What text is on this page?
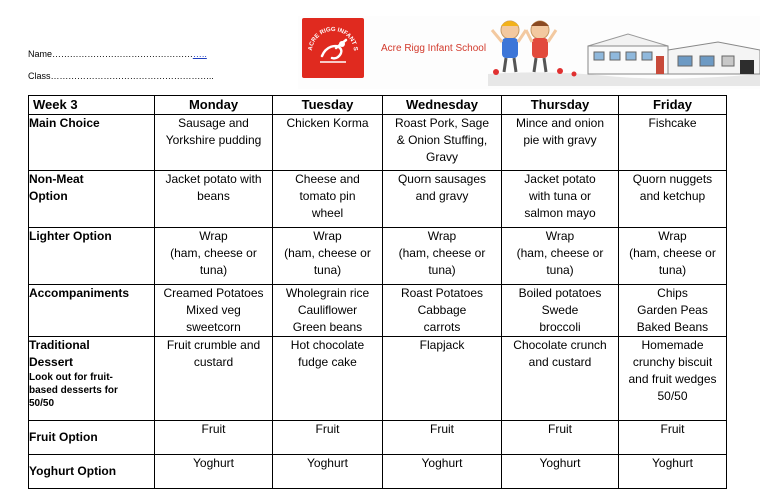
Name……………………………………………..
Class………………………………………………..
ACRE RIGG INFANT S Acre Rigg Infant School
Week 3	Monday	Tuesday	Wednesday	Thursday	Friday
Main Choice	Sausage and
Yorkshire pudding	Chicken Korma	Roast Pork, Sage
& Onion Stuffing,
Gravy	Mince and onion
pie with gravy	Fishcake

Non-Meat
Option	Jacket potato with
beans	Cheese and
tomato pin
wheel	Quorn sausages
and gravy	Jacket potato
with tuna or
salmon mayo	Quorn nuggets
and ketchup

Lighter Option	Wrap
(ham, cheese or
tuna)	Wrap
(ham, cheese or
tuna)	Wrap
(ham, cheese or
tuna)	Wrap
(ham, cheese or
tuna)	Wrap
(ham, cheese or
tuna)

Accompaniments	Creamed Potatoes
Mixed veg
sweetcorn	Wholegrain rice
Cauliflower
Green beans	Roast Potatoes
Cabbage
carrots	Boiled potatoes
Swede
broccoli	Chips
Garden Peas
Baked Beans

Traditional
Dessert
Look out for fruit-
based desserts for
50/50	Fruit crumble and
custard	Hot chocolate
fudge cake	Flapjack	Chocolate crunch
and custard	Homemade
crunchy biscuit
and fruit wedges
50/50

Fruit Option	Fruit	Fruit	Fruit	Fruit	Fruit

Yoghurt Option	Yoghurt	Yoghurt	Yoghurt	Yoghurt	Yoghurt
